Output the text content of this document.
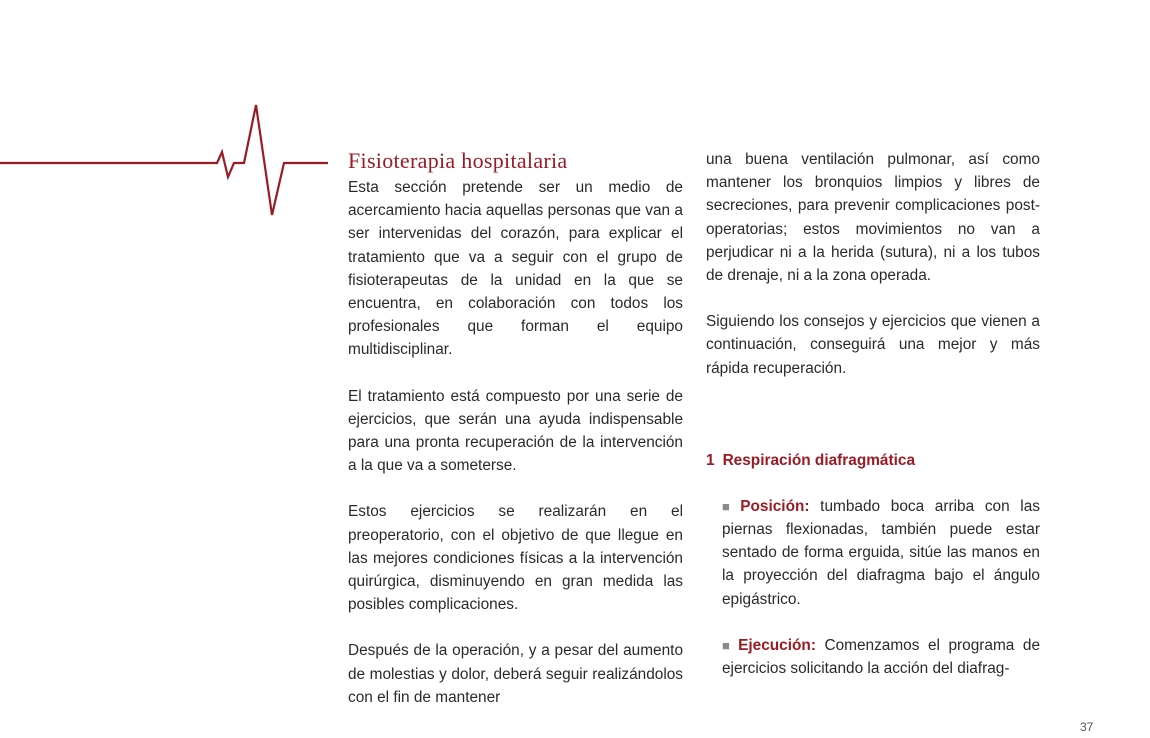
Fisioterapia hospitalaria

Esta sección pretende ser un medio de acercamiento hacia aquellas personas que van a ser intervenidas del corazón, para explicar el tratamiento que va a seguir con el grupo de fisioterapeutas de la unidad en la que se encuentra, en colaboración con todos los profesionales que forman el equipo multidisciplinar.

El tratamiento está compuesto por una serie de ejercicios, que serán una ayuda indispensable para una pronta recuperación de la intervención a la que va a someterse.

Estos ejercicios se realizarán en el preoperatorio, con el objetivo de que llegue en las mejores condiciones físicas a la intervención quirúrgica, disminuyendo en gran medida las posibles complicaciones.

Después de la operación, y a pesar del aumento de molestias y dolor, deberá seguir realizándolos con el fin de mantener

una buena ventilación pulmonar, así como mantener los bronquios limpios y libres de secreciones, para prevenir complicaciones post-operatorias; estos movimientos no van a perjudicar ni a la herida (sutura), ni a los tubos de drenaje, ni a la zona operada.

Siguiendo los consejos y ejercicios que vienen a continuación, conseguirá una mejor y más rápida recuperación.

1 Respiración diafragmática

■ Posición: tumbado boca arriba con las piernas flexionadas, también puede estar sentado de forma erguida, sitúe las manos en la proyección del diafragma bajo el ángulo epigástrico.

■ Ejecución: Comenzamos el programa de ejercicios solicitando la acción del diafrag-

37
